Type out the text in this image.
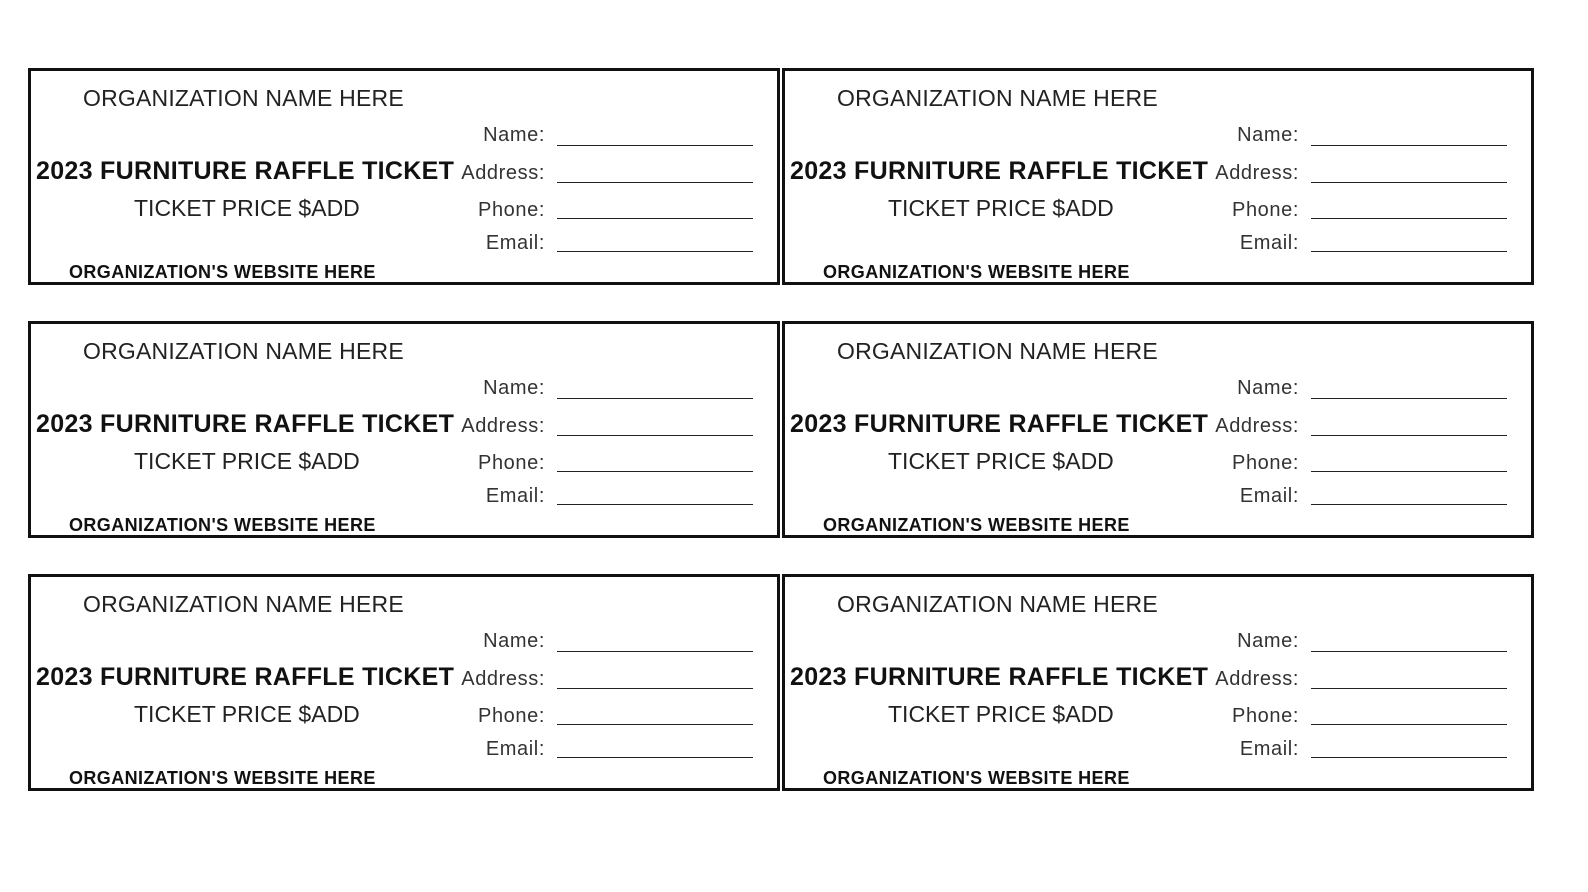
ORGANIZATION NAME HERE
2023 FURNITURE RAFFLE TICKET
TICKET PRICE $ADD
ORGANIZATION'S WEBSITE HERE
Name:
Address:
Phone:
Email:
ORGANIZATION NAME HERE
2023 FURNITURE RAFFLE TICKET
TICKET PRICE $ADD
ORGANIZATION'S WEBSITE HERE
Name:
Address:
Phone:
Email:
ORGANIZATION NAME HERE
2023 FURNITURE RAFFLE TICKET
TICKET PRICE $ADD
ORGANIZATION'S WEBSITE HERE
Name:
Address:
Phone:
Email:
ORGANIZATION NAME HERE
2023 FURNITURE RAFFLE TICKET
TICKET PRICE $ADD
ORGANIZATION'S WEBSITE HERE
Name:
Address:
Phone:
Email:
ORGANIZATION NAME HERE
2023 FURNITURE RAFFLE TICKET
TICKET PRICE $ADD
ORGANIZATION'S WEBSITE HERE
Name:
Address:
Phone:
Email:
ORGANIZATION NAME HERE
2023 FURNITURE RAFFLE TICKET
TICKET PRICE $ADD
ORGANIZATION'S WEBSITE HERE
Name:
Address:
Phone:
Email:
